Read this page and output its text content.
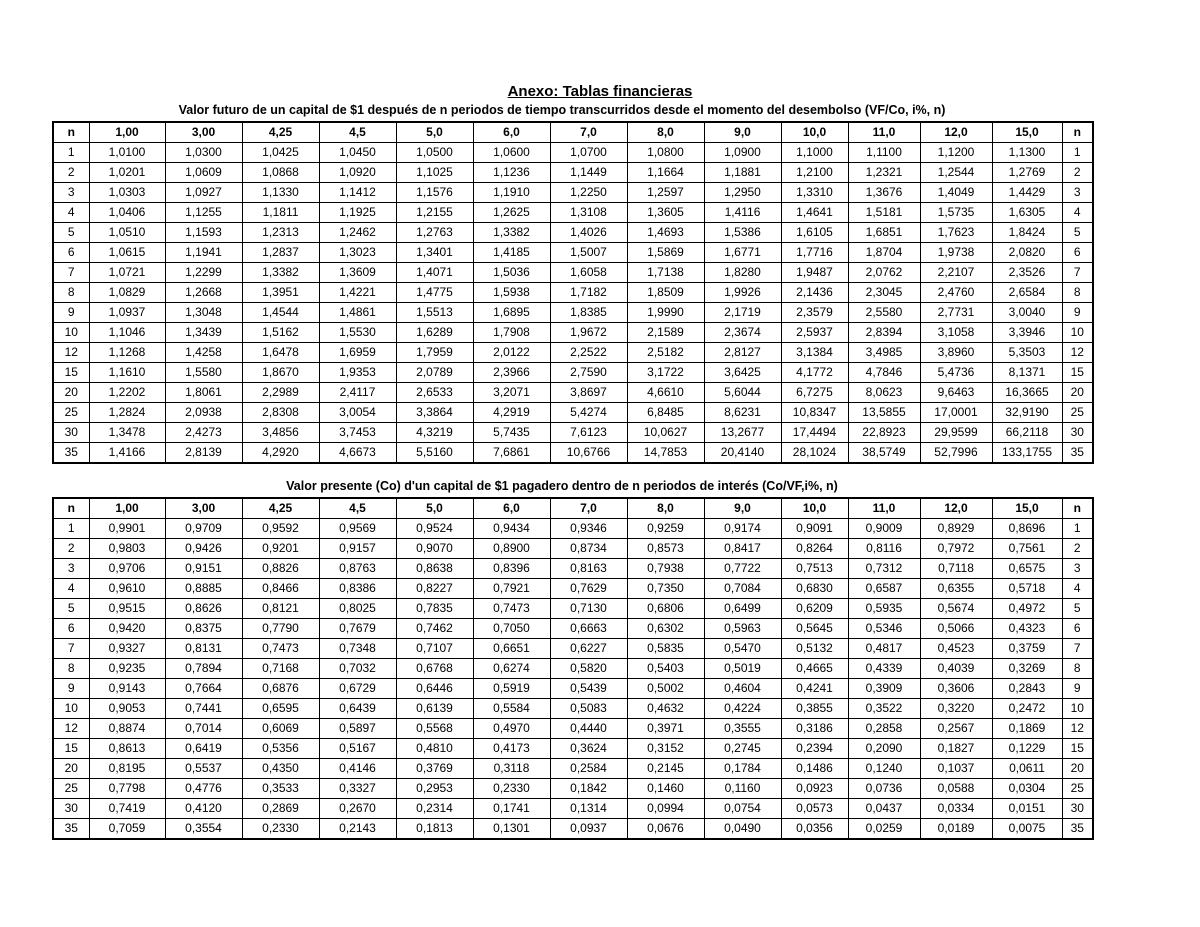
Anexo: Tablas financieras
Valor futuro de un capital de $1 después de n periodos de tiempo transcurridos desde el momento del desembolso (VF/Co, i%, n)
n	1,00	3,00	4,25	4,5	5,0	6,0	7,0	8,0	9,0	10,0	11,0	12,0	15,0	n
1	1,0100	1,0300	1,0425	1,0450	1,0500	1,0600	1,0700	1,0800	1,0900	1,1000	1,1100	1,1200	1,1300	1
2	1,0201	1,0609	1,0868	1,0920	1,1025	1,1236	1,1449	1,1664	1,1881	1,2100	1,2321	1,2544	1,2769	2
3	1,0303	1,0927	1,1330	1,1412	1,1576	1,1910	1,2250	1,2597	1,2950	1,3310	1,3676	1,4049	1,4429	3
4	1,0406	1,1255	1,1811	1,1925	1,2155	1,2625	1,3108	1,3605	1,4116	1,4641	1,5181	1,5735	1,6305	4
5	1,0510	1,1593	1,2313	1,2462	1,2763	1,3382	1,4026	1,4693	1,5386	1,6105	1,6851	1,7623	1,8424	5
6	1,0615	1,1941	1,2837	1,3023	1,3401	1,4185	1,5007	1,5869	1,6771	1,7716	1,8704	1,9738	2,0820	6
7	1,0721	1,2299	1,3382	1,3609	1,4071	1,5036	1,6058	1,7138	1,8280	1,9487	2,0762	2,2107	2,3526	7
8	1,0829	1,2668	1,3951	1,4221	1,4775	1,5938	1,7182	1,8509	1,9926	2,1436	2,3045	2,4760	2,6584	8
9	1,0937	1,3048	1,4544	1,4861	1,5513	1,6895	1,8385	1,9990	2,1719	2,3579	2,5580	2,7731	3,0040	9
10	1,1046	1,3439	1,5162	1,5530	1,6289	1,7908	1,9672	2,1589	2,3674	2,5937	2,8394	3,1058	3,3946	10
12	1,1268	1,4258	1,6478	1,6959	1,7959	2,0122	2,2522	2,5182	2,8127	3,1384	3,4985	3,8960	5,3503	12
15	1,1610	1,5580	1,8670	1,9353	2,0789	2,3966	2,7590	3,1722	3,6425	4,1772	4,7846	5,4736	8,1371	15
20	1,2202	1,8061	2,2989	2,4117	2,6533	3,2071	3,8697	4,6610	5,6044	6,7275	8,0623	9,6463	16,3665	20
25	1,2824	2,0938	2,8308	3,0054	3,3864	4,2919	5,4274	6,8485	8,6231	10,8347	13,5855	17,0001	32,9190	25
30	1,3478	2,4273	3,4856	3,7453	4,3219	5,7435	7,6123	10,0627	13,2677	17,4494	22,8923	29,9599	66,2118	30
35	1,4166	2,8139	4,2920	4,6673	5,5160	7,6861	10,6766	14,7853	20,4140	28,1024	38,5749	52,7996	133,1755	35
Valor presente (Co) d'un capital de $1 pagadero dentro de n periodos de interés (Co/VF,i%, n)
n	1,00	3,00	4,25	4,5	5,0	6,0	7,0	8,0	9,0	10,0	11,0	12,0	15,0	n
1	0,9901	0,9709	0,9592	0,9569	0,9524	0,9434	0,9346	0,9259	0,9174	0,9091	0,9009	0,8929	0,8696	1
2	0,9803	0,9426	0,9201	0,9157	0,9070	0,8900	0,8734	0,8573	0,8417	0,8264	0,8116	0,7972	0,7561	2
3	0,9706	0,9151	0,8826	0,8763	0,8638	0,8396	0,8163	0,7938	0,7722	0,7513	0,7312	0,7118	0,6575	3
4	0,9610	0,8885	0,8466	0,8386	0,8227	0,7921	0,7629	0,7350	0,7084	0,6830	0,6587	0,6355	0,5718	4
5	0,9515	0,8626	0,8121	0,8025	0,7835	0,7473	0,7130	0,6806	0,6499	0,6209	0,5935	0,5674	0,4972	5
6	0,9420	0,8375	0,7790	0,7679	0,7462	0,7050	0,6663	0,6302	0,5963	0,5645	0,5346	0,5066	0,4323	6
7	0,9327	0,8131	0,7473	0,7348	0,7107	0,6651	0,6227	0,5835	0,5470	0,5132	0,4817	0,4523	0,3759	7
8	0,9235	0,7894	0,7168	0,7032	0,6768	0,6274	0,5820	0,5403	0,5019	0,4665	0,4339	0,4039	0,3269	8
9	0,9143	0,7664	0,6876	0,6729	0,6446	0,5919	0,5439	0,5002	0,4604	0,4241	0,3909	0,3606	0,2843	9
10	0,9053	0,7441	0,6595	0,6439	0,6139	0,5584	0,5083	0,4632	0,4224	0,3855	0,3522	0,3220	0,2472	10
12	0,8874	0,7014	0,6069	0,5897	0,5568	0,4970	0,4440	0,3971	0,3555	0,3186	0,2858	0,2567	0,1869	12
15	0,8613	0,6419	0,5356	0,5167	0,4810	0,4173	0,3624	0,3152	0,2745	0,2394	0,2090	0,1827	0,1229	15
20	0,8195	0,5537	0,4350	0,4146	0,3769	0,3118	0,2584	0,2145	0,1784	0,1486	0,1240	0,1037	0,0611	20
25	0,7798	0,4776	0,3533	0,3327	0,2953	0,2330	0,1842	0,1460	0,1160	0,0923	0,0736	0,0588	0,0304	25
30	0,7419	0,4120	0,2869	0,2670	0,2314	0,1741	0,1314	0,0994	0,0754	0,0573	0,0437	0,0334	0,0151	30
35	0,7059	0,3554	0,2330	0,2143	0,1813	0,1301	0,0937	0,0676	0,0490	0,0356	0,0259	0,0189	0,0075	35
